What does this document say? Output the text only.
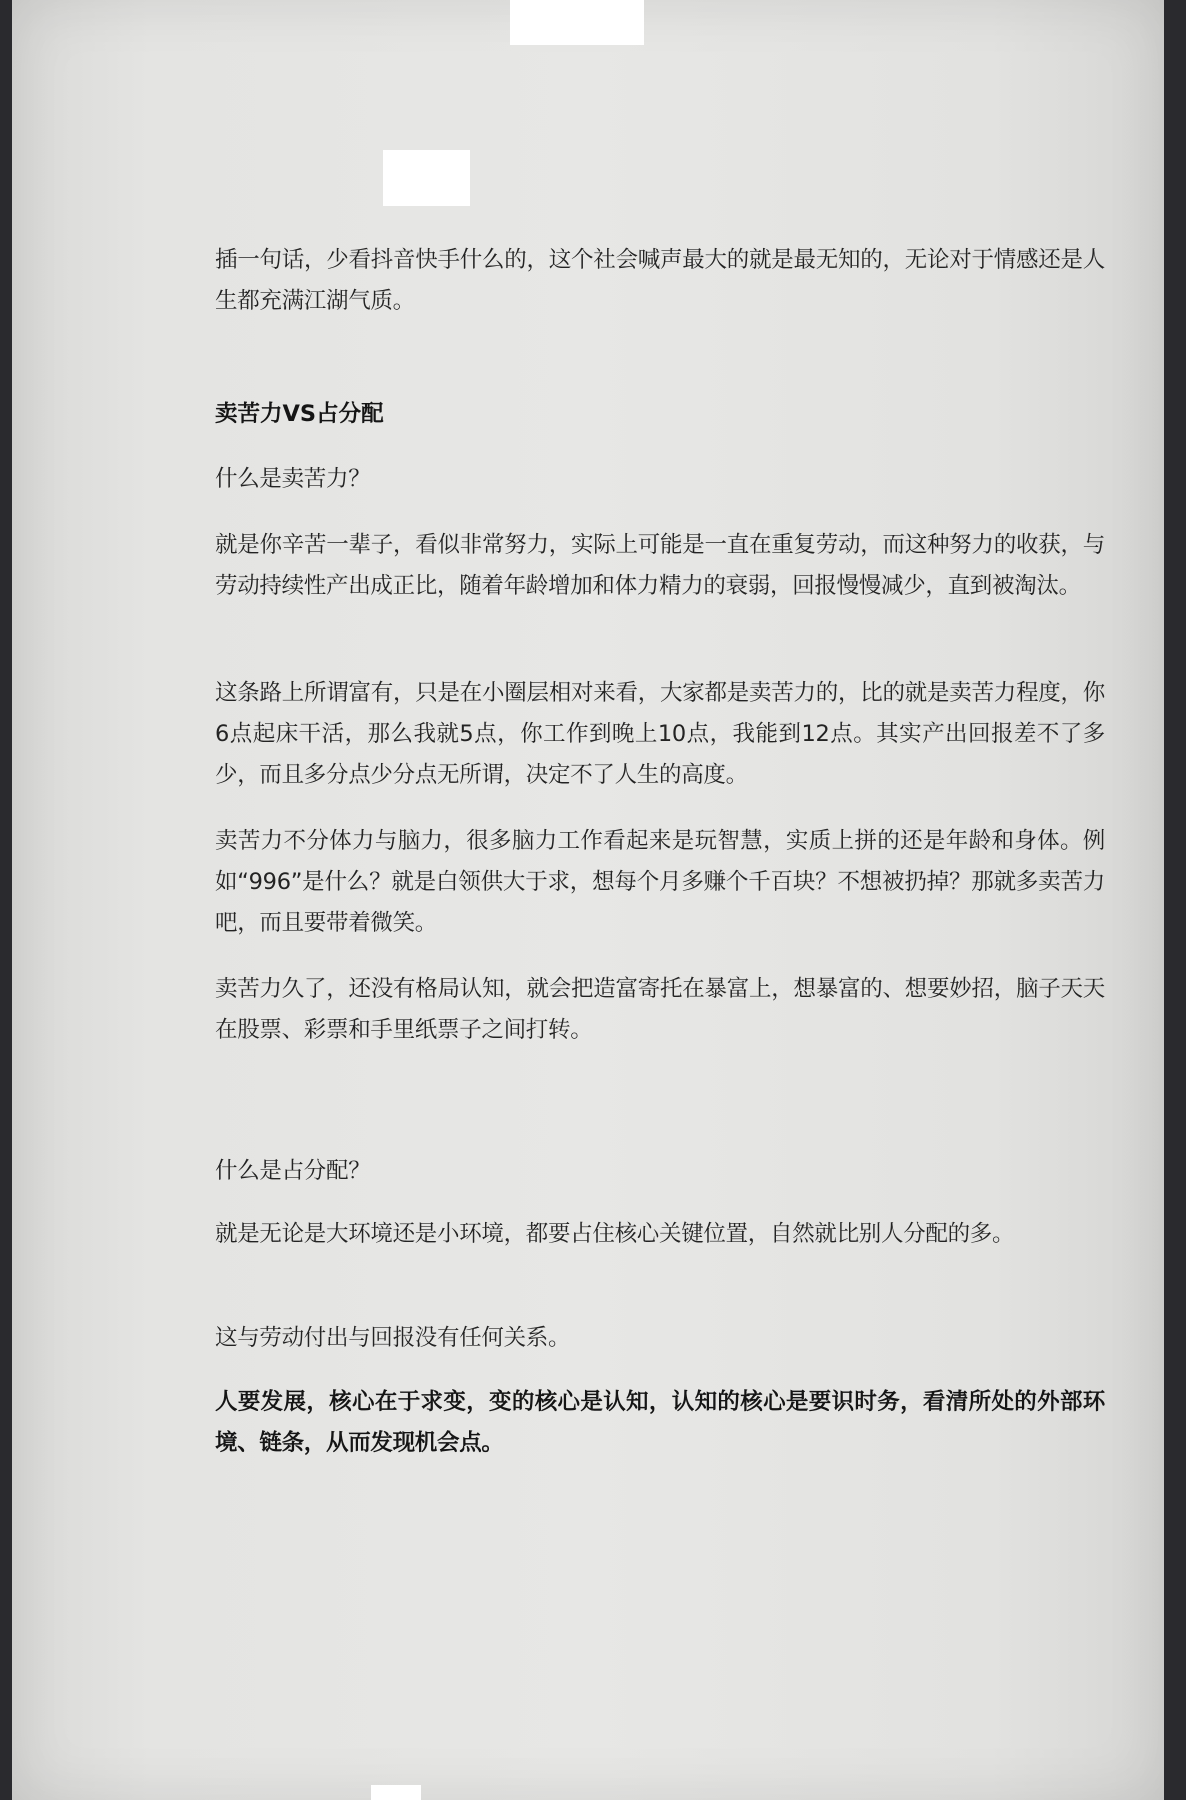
插一句话，少看抖音快手什么的，这个社会喊声最大的就是最无知的，无论对于情感还是人生都充满江湖气质。

卖苦力VS占分配

什么是卖苦力？

就是你辛苦一辈子，看似非常努力，实际上可能是一直在重复劳动，而这种努力的收获，与劳动持续性产出成正比，随着年龄增加和体力精力的衰弱，回报慢慢减少，直到被淘汰。

这条路上所谓富有，只是在小圈层相对来看，大家都是卖苦力的，比的就是卖苦力程度，你6点起床干活，那么我就5点，你工作到晚上10点，我能到12点。其实产出回报差不了多少，而且多分点少分点无所谓，决定不了人生的高度。

卖苦力不分体力与脑力，很多脑力工作看起来是玩智慧，实质上拼的还是年龄和身体。例如“996”是什么？就是白领供大于求，想每个月多赚个千百块？不想被扔掉？那就多卖苦力吧，而且要带着微笑。

卖苦力久了，还没有格局认知，就会把造富寄托在暴富上，想暴富的、想要妙招，脑子天天在股票、彩票和手里纸票子之间打转。

什么是占分配？

就是无论是大环境还是小环境，都要占住核心关键位置，自然就比别人分配的多。

这与劳动付出与回报没有任何关系。

人要发展，核心在于求变，变的核心是认知，认知的核心是要识时务，看清所处的外部环境、链条，从而发现机会点。
